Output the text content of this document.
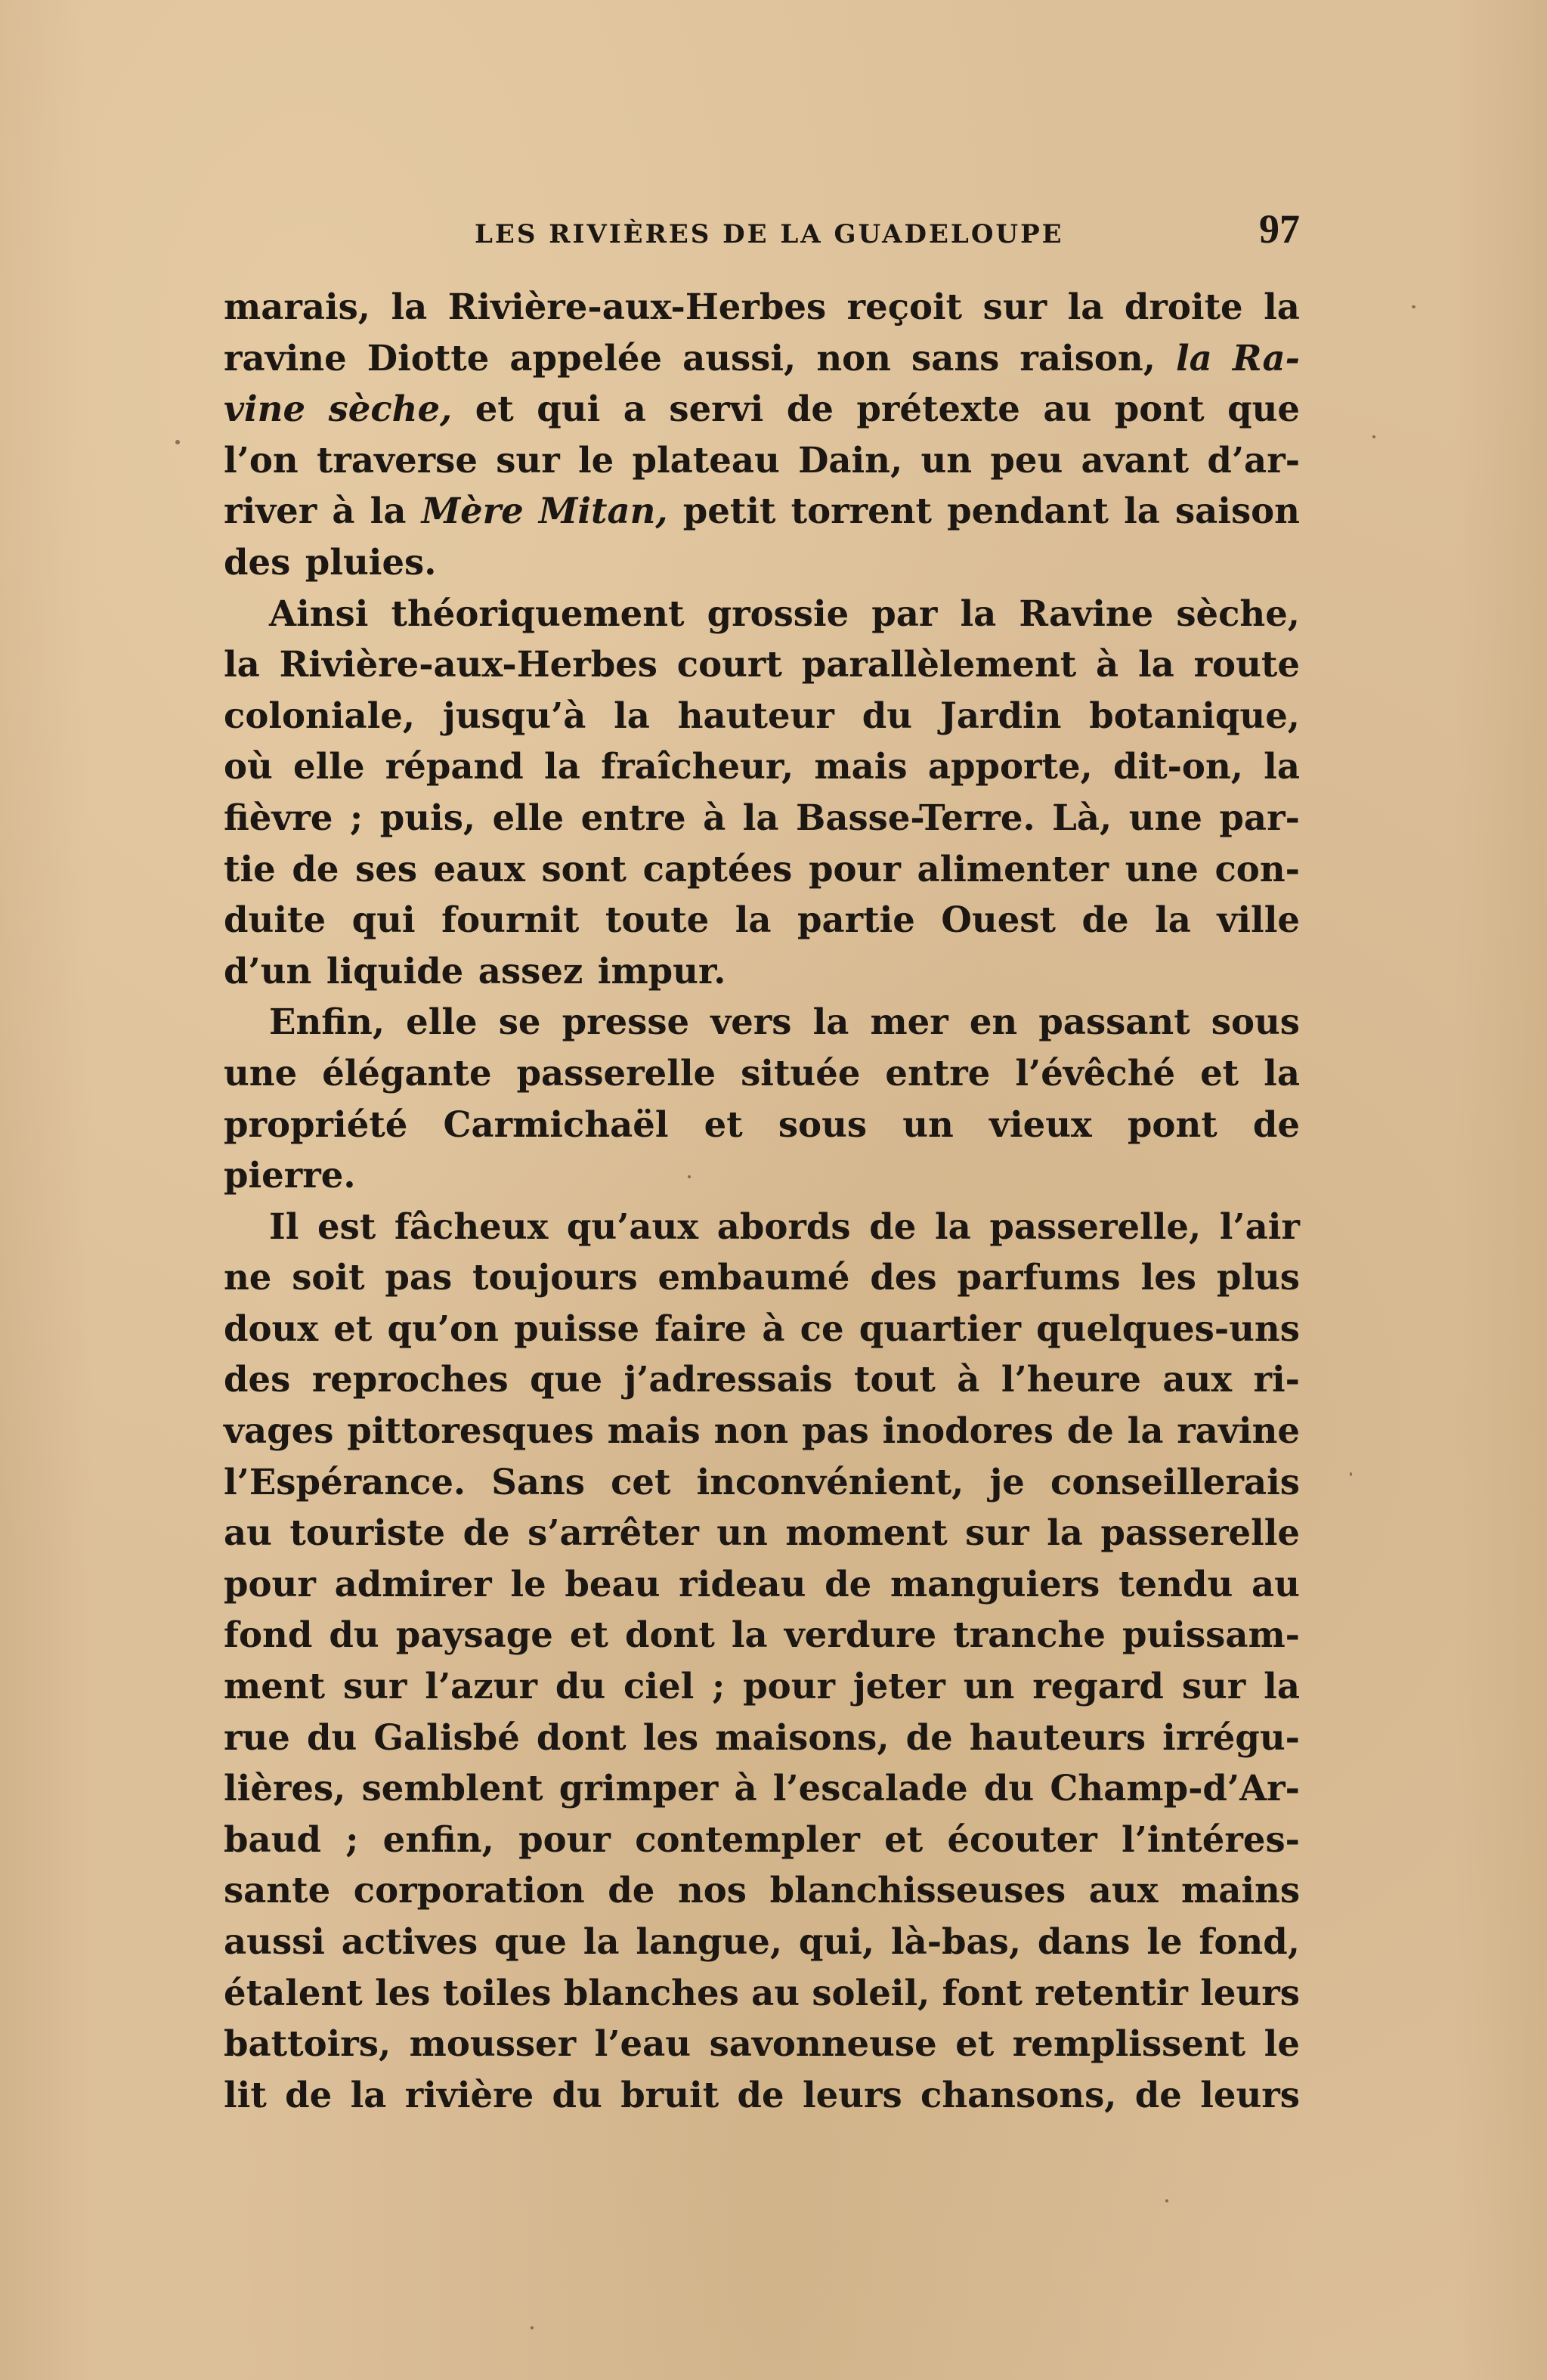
LES RIVIÈRES DE LA GUADELOUPE	97
marais, la Rivière-aux-Herbes reçoit sur la droite la
ravine Diotte appelée aussi, non sans raison, la Ra-
vine sèche, et qui a servi de prétexte au pont que
l’on traverse sur le plateau Dain, un peu avant d’ar-
river à la Mère Mitan, petit torrent pendant la saison
des pluies.
Ainsi théoriquement grossie par la Ravine sèche,
la Rivière-aux-Herbes court parallèlement à la route
coloniale, jusqu’à la hauteur du Jardin botanique,
où elle répand la fraîcheur, mais apporte, dit-on, la
fièvre ; puis, elle entre à la Basse-Terre. Là, une par-
tie de ses eaux sont captées pour alimenter une con-
duite qui fournit toute la partie Ouest de la ville
d’un liquide assez impur.
Enfin, elle se presse vers la mer en passant sous
une élégante passerelle située entre l’évêché et la
propriété Carmichaël et sous un vieux pont de
pierre.
Il est fâcheux qu’aux abords de la passerelle, l’air
ne soit pas toujours embaumé des parfums les plus
doux et qu’on puisse faire à ce quartier quelques-uns
des reproches que j’adressais tout à l’heure aux ri-
vages pittoresques mais non pas inodores de la ravine
l’Espérance. Sans cet inconvénient, je conseillerais
au touriste de s’arrêter un moment sur la passerelle
pour admirer le beau rideau de manguiers tendu au
fond du paysage et dont la verdure tranche puissam-
ment sur l’azur du ciel ; pour jeter un regard sur la
rue du Galisbé dont les maisons, de hauteurs irrégu-
lières, semblent grimper à l’escalade du Champ-d’Ar-
baud ; enfin, pour contempler et écouter l’intéres-
sante corporation de nos blanchisseuses aux mains
aussi actives que la langue, qui, là-bas, dans le fond,
étalent les toiles blanches au soleil, font retentir leurs
battoirs, mousser l’eau savonneuse et remplissent le
lit de la rivière du bruit de leurs chansons, de leurs
